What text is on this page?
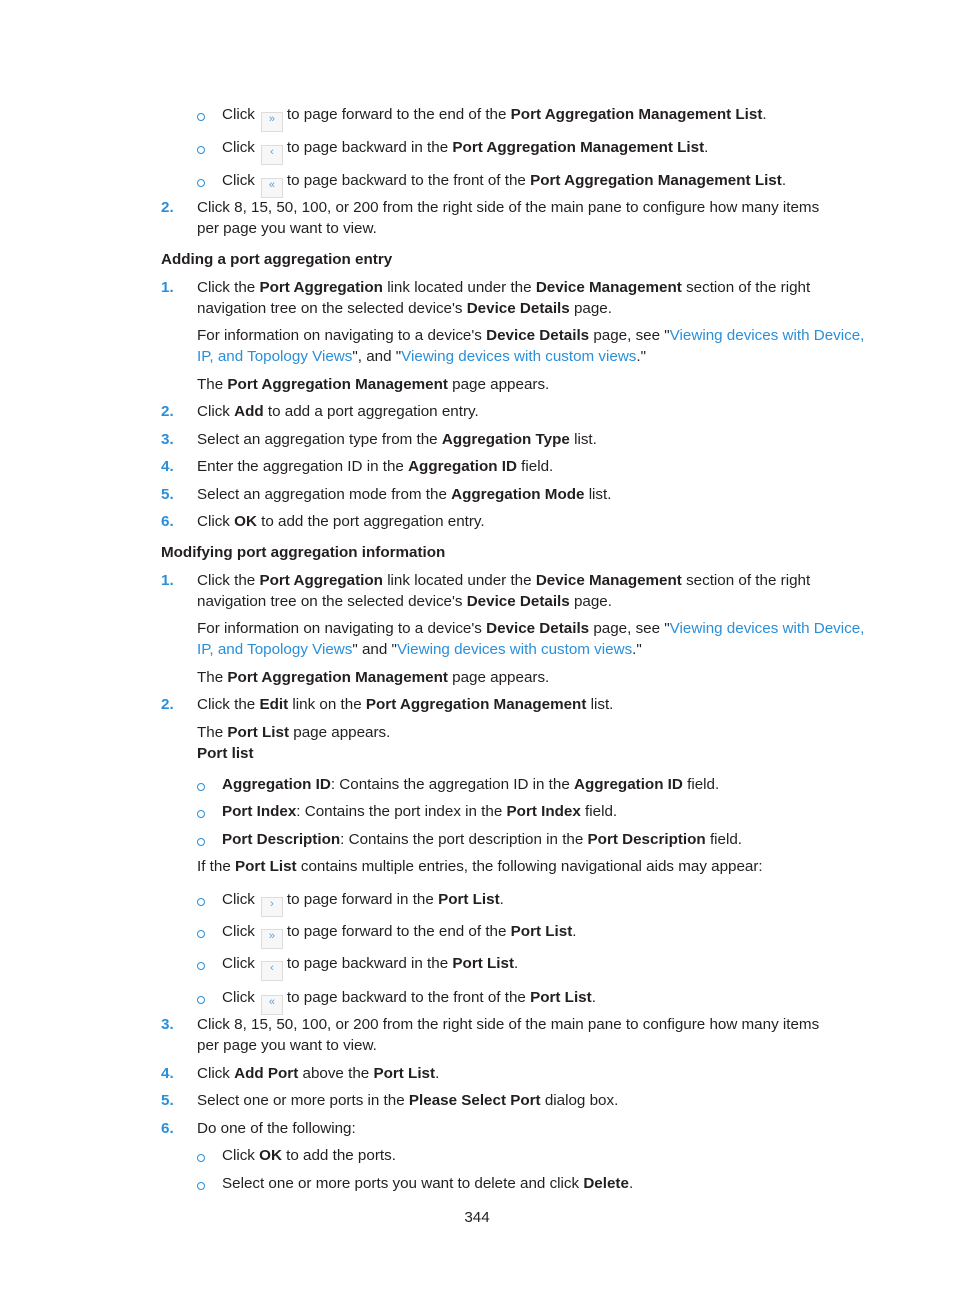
Click » to page forward to the end of the Port Aggregation Management List.
Click ‹ to page backward in the Port Aggregation Management List.
Click « to page backward to the front of the Port Aggregation Management List.
2. Click 8, 15, 50, 100, or 200 from the right side of the main pane to configure how many items
per page you want to view.
Adding a port aggregation entry
1. Click the Port Aggregation link located under the Device Management section of the right
navigation tree on the selected device's Device Details page.
For information on navigating to a device's Device Details page, see "Viewing devices with Device,
IP, and Topology Views", and "Viewing devices with custom views."
The Port Aggregation Management page appears.
2. Click Add to add a port aggregation entry.
3. Select an aggregation type from the Aggregation Type list.
4. Enter the aggregation ID in the Aggregation ID field.
5. Select an aggregation mode from the Aggregation Mode list.
6. Click OK to add the port aggregation entry.
Modifying port aggregation information
1. Click the Port Aggregation link located under the Device Management section of the right
navigation tree on the selected device's Device Details page.
For information on navigating to a device's Device Details page, see "Viewing devices with Device,
IP, and Topology Views" and "Viewing devices with custom views."
The Port Aggregation Management page appears.
2. Click the Edit link on the Port Aggregation Management list.
The Port List page appears.
Port list
Aggregation ID: Contains the aggregation ID in the Aggregation ID field.
Port Index: Contains the port index in the Port Index field.
Port Description: Contains the port description in the Port Description field.
If the Port List contains multiple entries, the following navigational aids may appear:
Click › to page forward in the Port List.
Click » to page forward to the end of the Port List.
Click ‹ to page backward in the Port List.
Click « to page backward to the front of the Port List.
3. Click 8, 15, 50, 100, or 200 from the right side of the main pane to configure how many items
per page you want to view.
4. Click Add Port above the Port List.
5. Select one or more ports in the Please Select Port dialog box.
6. Do one of the following:
Click OK to add the ports.
Select one or more ports you want to delete and click Delete.
344
